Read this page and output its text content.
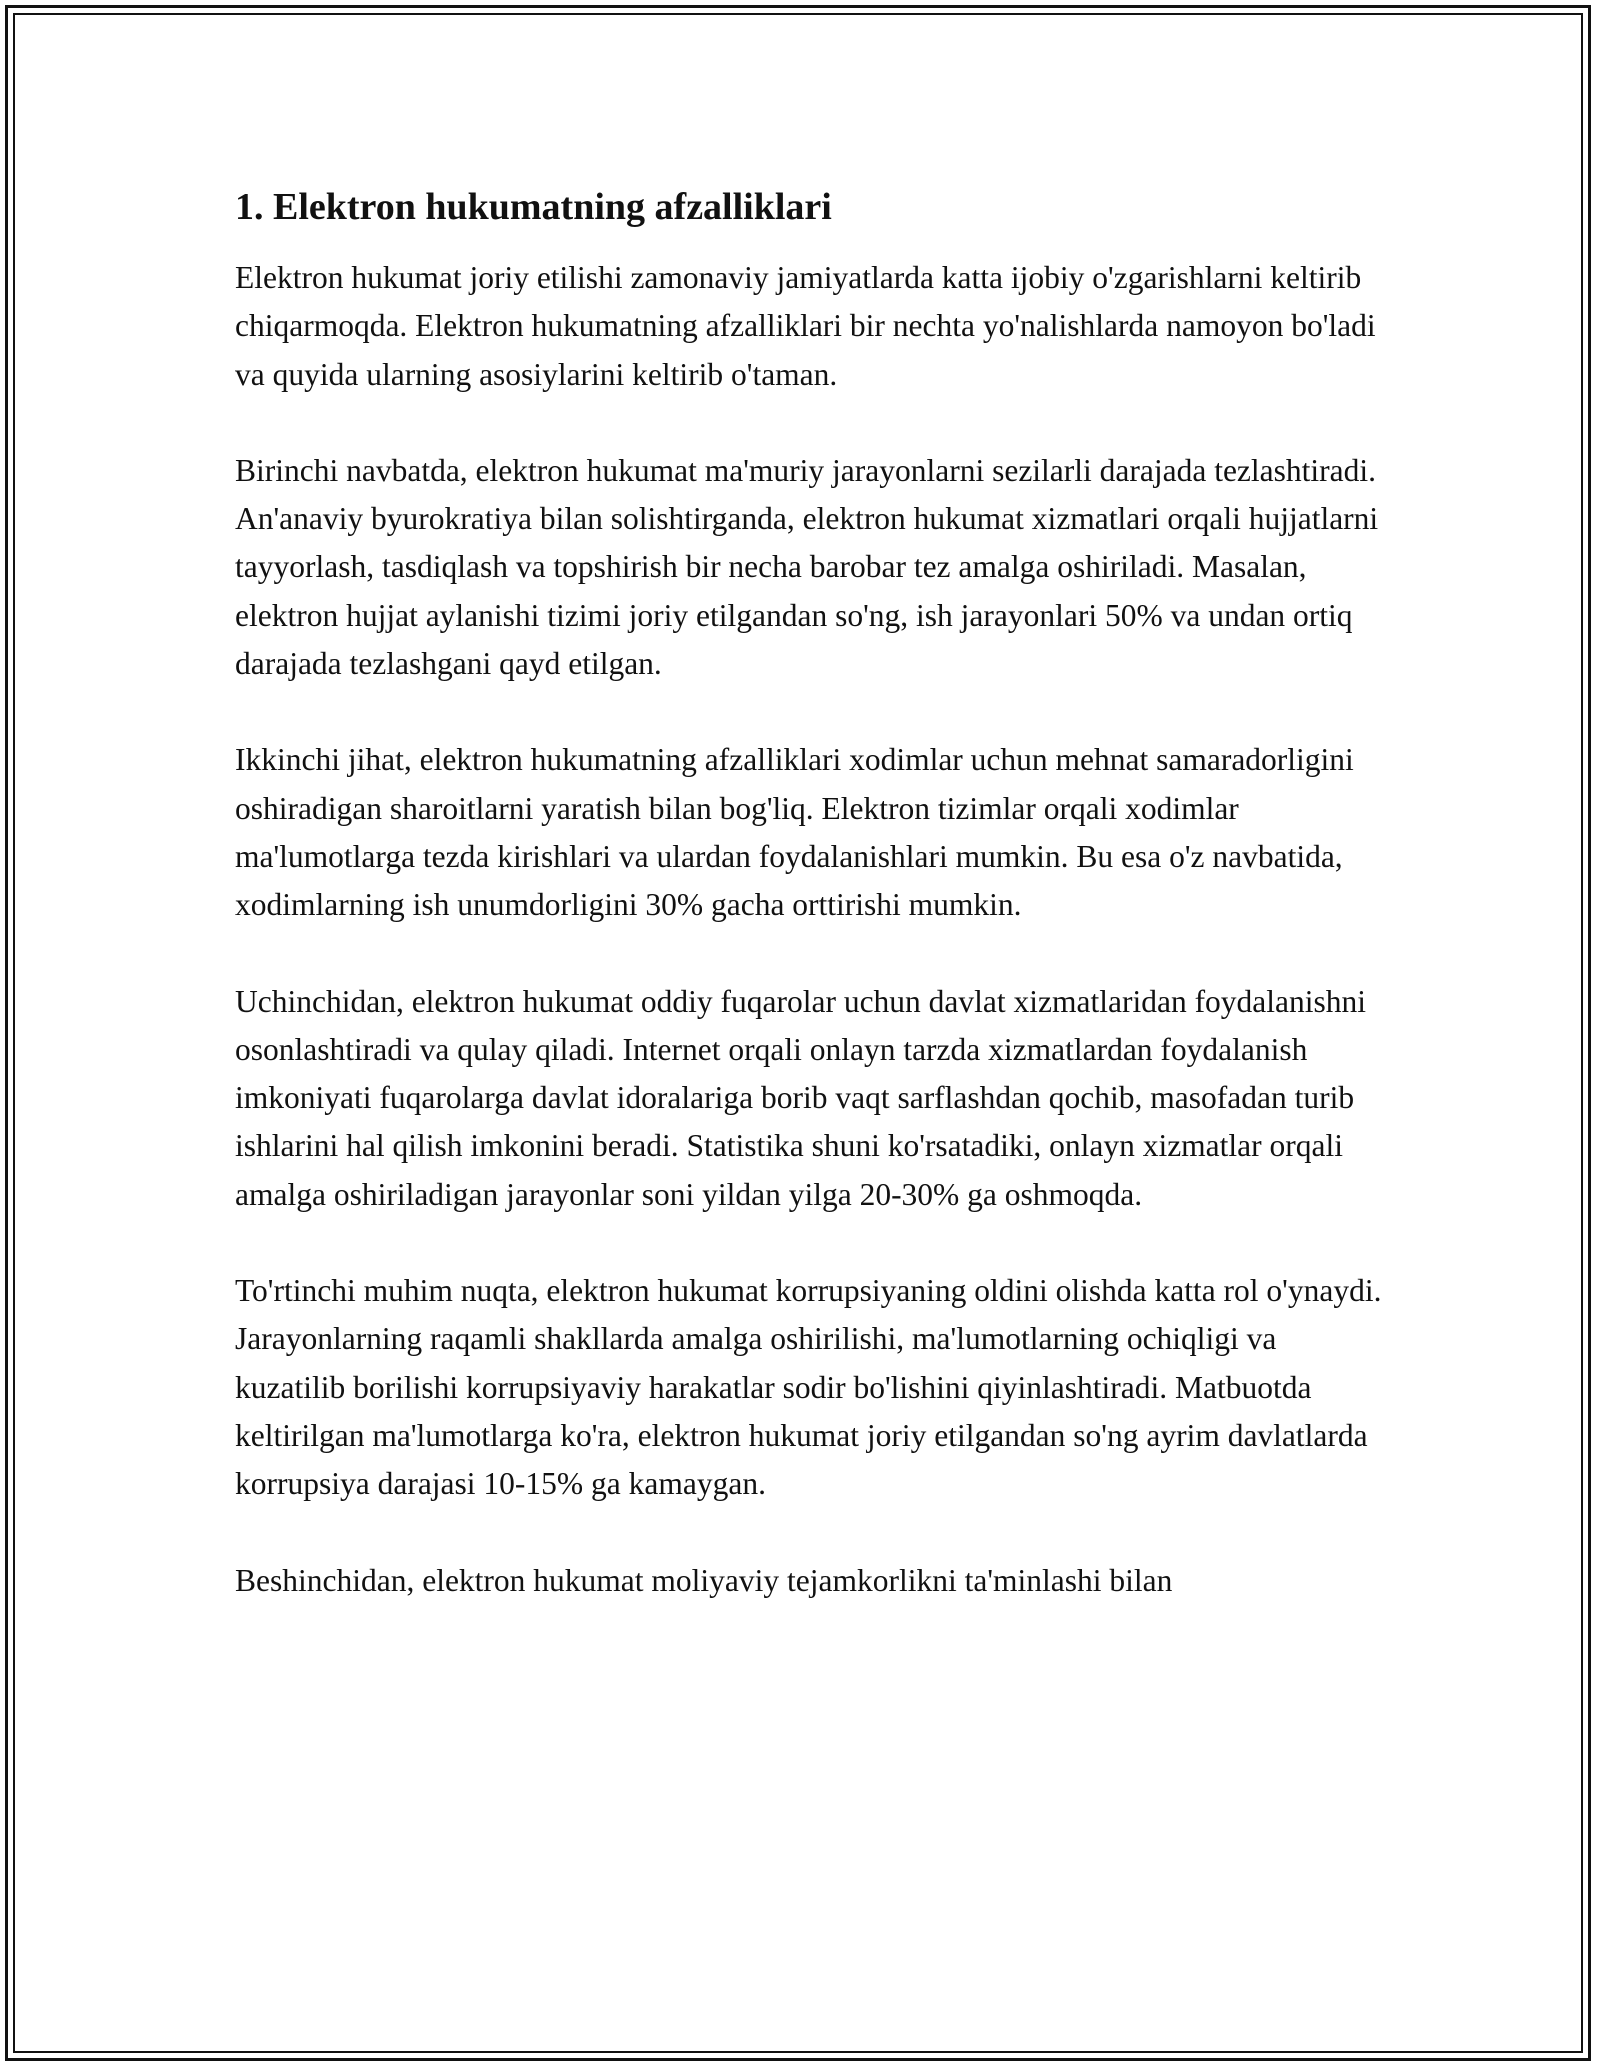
1. Elektron hukumatning afzalliklari

Elektron hukumat joriy etilishi zamonaviy jamiyatlarda katta ijobiy o'zgarishlarni keltirib chiqarmoqda. Elektron hukumatning afzalliklari bir nechta yo'nalishlarda namoyon bo'ladi va quyida ularning asosiylarini keltirib o'taman.

Birinchi navbatda, elektron hukumat ma'muriy jarayonlarni sezilarli darajada tezlashtiradi. An'anaviy byurokratiya bilan solishtirganda, elektron hukumat xizmatlari orqali hujjatlarni tayyorlash, tasdiqlash va topshirish bir necha barobar tez amalga oshiriladi. Masalan, elektron hujjat aylanishi tizimi joriy etilgandan so'ng, ish jarayonlari 50% va undan ortiq darajada tezlashgani qayd etilgan.

Ikkinchi jihat, elektron hukumatning afzalliklari xodimlar uchun mehnat samaradorligini oshiradigan sharoitlarni yaratish bilan bog'liq. Elektron tizimlar orqali xodimlar ma'lumotlarga tezda kirishlari va ulardan foydalanishlari mumkin. Bu esa o'z navbatida, xodimlarning ish unumdorligini 30% gacha orttirishi mumkin.

Uchinchidan, elektron hukumat oddiy fuqarolar uchun davlat xizmatlaridan foydalanishni osonlashtiradi va qulay qiladi. Internet orqali onlayn tarzda xizmatlardan foydalanish imkoniyati fuqarolarga davlat idoralariga borib vaqt sarflashdan qochib, masofadan turib ishlarini hal qilish imkonini beradi. Statistika shuni ko'rsatadiki, onlayn xizmatlar orqali amalga oshiriladigan jarayonlar soni yildan yilga 20-30% ga oshmoqda.

To'rtinchi muhim nuqta, elektron hukumat korrupsiyaning oldini olishda katta rol o'ynaydi. Jarayonlarning raqamli shakllarda amalga oshirilishi, ma'lumotlarning ochiqligi va kuzatilib borilishi korrupsiyaviy harakatlar sodir bo'lishini qiyinlashtiradi. Matbuotda keltirilgan ma'lumotlarga ko'ra, elektron hukumat joriy etilgandan so'ng ayrim davlatlarda korrupsiya darajasi 10-15% ga kamaygan.

Beshinchidan, elektron hukumat moliyaviy tejamkorlikni ta'minlashi bilan
